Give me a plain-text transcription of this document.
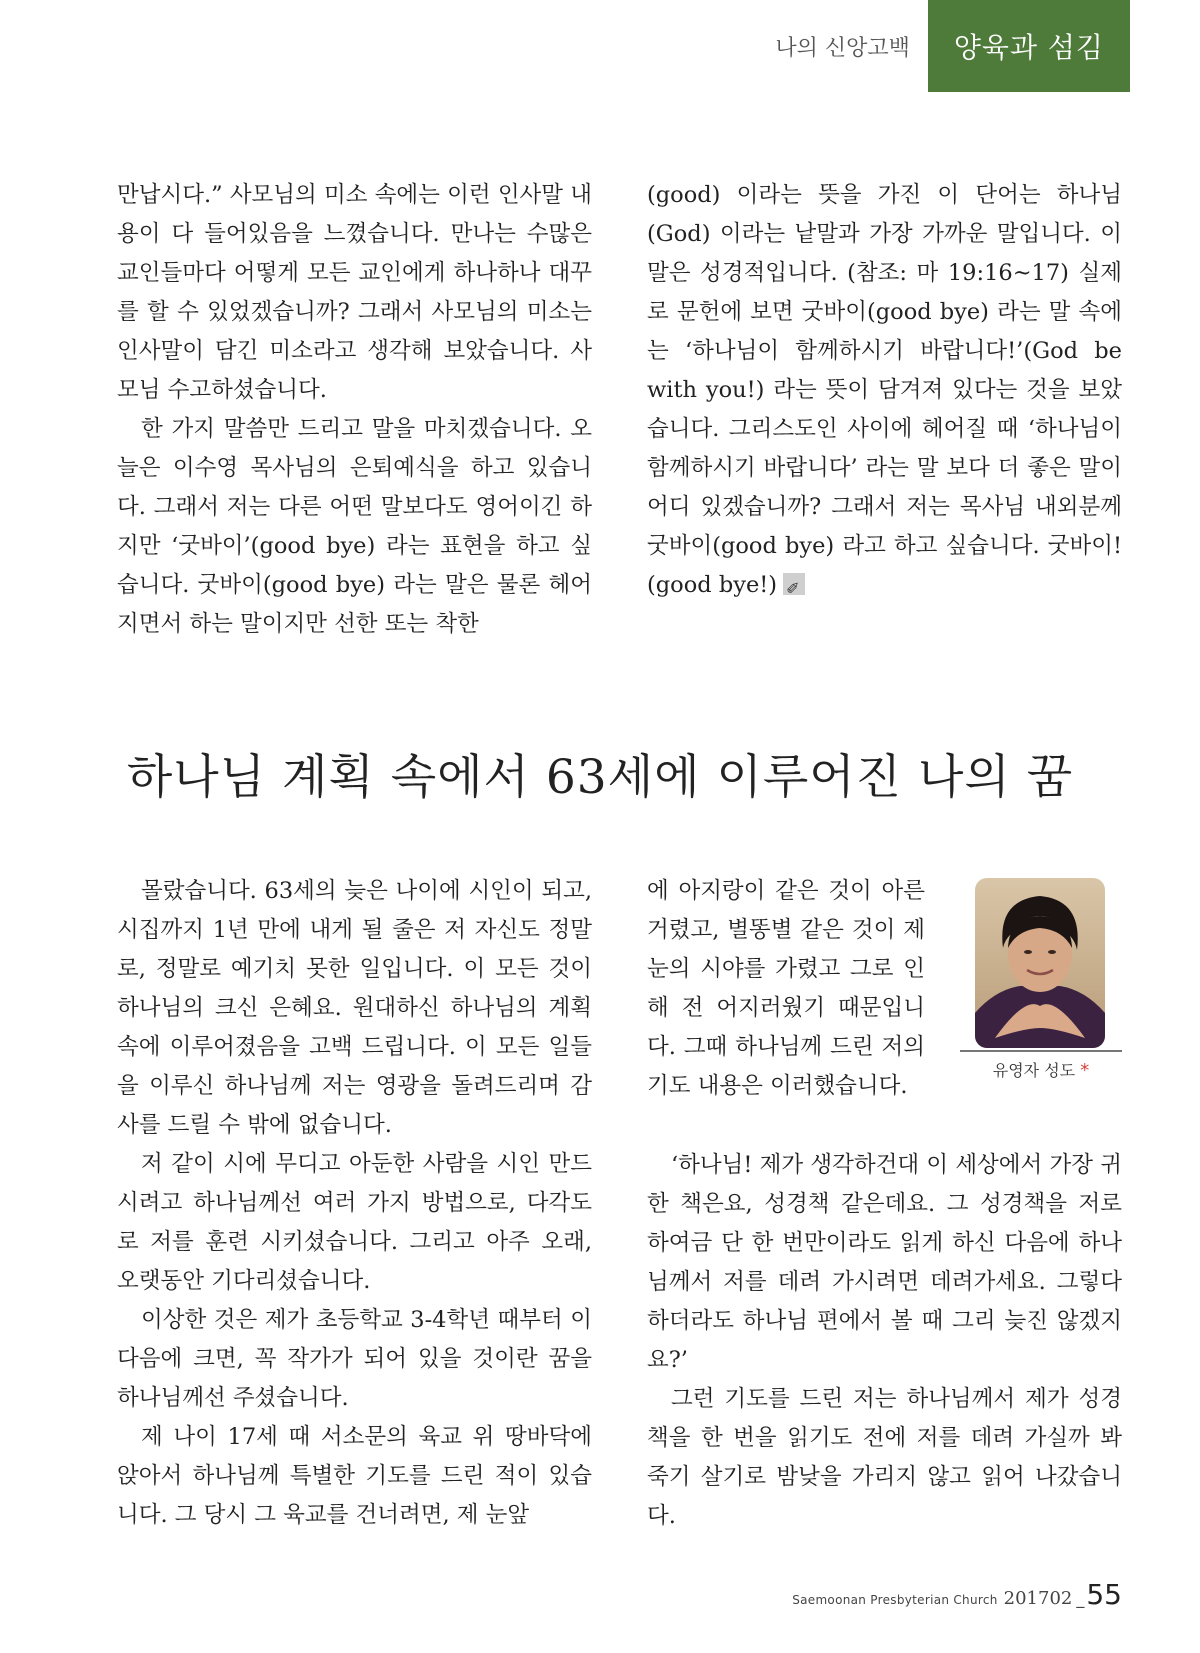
나의 신앙고백	양육과 섬김

만납시다.” 사모님의 미소 속에는 이런 인사말 내용이 다 들어있음을 느꼈습니다. 만나는 수많은 교인들마다 어떻게 모든 교인에게 하나하나 대꾸를 할 수 있었겠습니까? 그래서 사모님의 미소는 인사말이 담긴 미소라고 생각해 보았습니다. 사모님 수고하셨습니다.

한 가지 말씀만 드리고 말을 마치겠습니다. 오늘은 이수영 목사님의 은퇴예식을 하고 있습니다. 그래서 저는 다른 어떤 말보다도 영어이긴 하지만 ‘굿바이’(good bye) 라는 표현을 하고 싶습니다. 굿바이(good bye) 라는 말은 물론 헤어지면서 하는 말이지만 선한 또는 착한

(good) 이라는 뜻을 가진 이 단어는 하나님(God) 이라는 낱말과 가장 가까운 말입니다. 이 말은 성경적입니다. (참조: 마 19:16~17) 실제로 문헌에 보면 굿바이(good bye) 라는 말 속에는 ‘하나님이 함께하시기 바랍니다!’(God be with you!) 라는 뜻이 담겨져 있다는 것을 보았습니다. 그리스도인 사이에 헤어질 때 ‘하나님이 함께하시기 바랍니다’ 라는 말 보다 더 좋은 말이 어디 있겠습니까? 그래서 저는 목사님 내외분께 굿바이(good bye) 라고 하고 싶습니다. 굿바이!(good bye!)✐

하나님 계획 속에서 63세에 이루어진 나의 꿈

몰랐습니다. 63세의 늦은 나이에 시인이 되고, 시집까지 1년 만에 내게 될 줄은 저 자신도 정말로, 정말로 예기치 못한 일입니다. 이 모든 것이 하나님의 크신 은혜요. 원대하신 하나님의 계획 속에 이루어졌음을 고백 드립니다. 이 모든 일들을 이루신 하나님께 저는 영광을 돌려드리며 감사를 드릴 수 밖에 없습니다.

저 같이 시에 무디고 아둔한 사람을 시인 만드시려고 하나님께선 여러 가지 방법으로, 다각도로 저를 훈련 시키셨습니다. 그리고 아주 오래, 오랫동안 기다리셨습니다.

이상한 것은 제가 초등학교 3-4학년 때부터 이 다음에 크면, 꼭 작가가 되어 있을 것이란 꿈을 하나님께선 주셨습니다.

제 나이 17세 때 서소문의 육교 위 땅바닥에 앉아서 하나님께 특별한 기도를 드린 적이 있습니다. 그 당시 그 육교를 건너려면, 제 눈앞

에 아지랑이 같은 것이 아른거렸고, 별똥별 같은 것이 제 눈의 시야를 가렸고 그로 인해 전 어지러웠기 때문입니다. 그때 하나님께 드린 저의 기도 내용은 이러했습니다.

유영자 성도 *

‘하나님! 제가 생각하건대 이 세상에서 가장 귀한 책은요, 성경책 같은데요. 그 성경책을 저로 하여금 단 한 번만이라도 읽게 하신 다음에 하나님께서 저를 데려 가시려면 데려가세요. 그렇다 하더라도 하나님 편에서 볼 때 그리 늦진 않겠지요?’

그런 기도를 드린 저는 하나님께서 제가 성경책을 한 번을 읽기도 전에 저를 데려 가실까 봐 죽기 살기로 밤낮을 가리지 않고 읽어 나갔습니다.

Saemoonan Presbyterian Church 201702 _ 55
